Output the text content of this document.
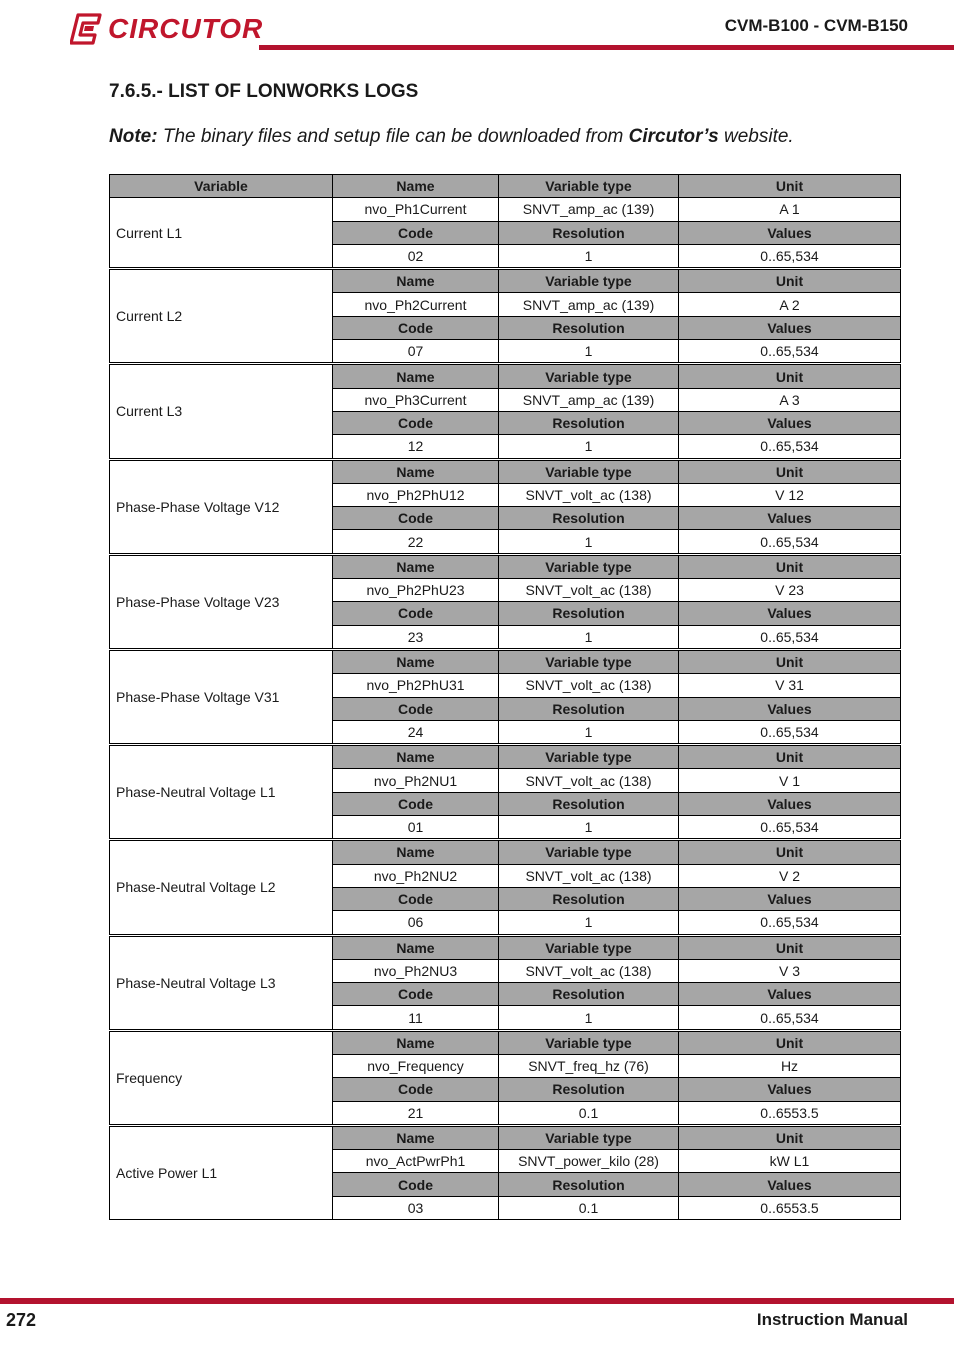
CIRCUTOR	CVM-B100 - CVM-B150
7.6.5.- LIST OF LONWORKS LOGS
Note: The binary files and setup file can be downloaded from Circutor’s website.
Variable	Name	Variable type	Unit
Current L1	nvo_Ph1Current	SNVT_amp_ac (139)	A 1
	Code	Resolution	Values
	02	1	0..65,534
Current L2	Name	Variable type	Unit
	nvo_Ph2Current	SNVT_amp_ac (139)	A 2
	Code	Resolution	Values
	07	1	0..65,534
Current L3	Name	Variable type	Unit
	nvo_Ph3Current	SNVT_amp_ac (139)	A 3
	Code	Resolution	Values
	12	1	0..65,534
Phase-Phase Voltage V12	Name	Variable type	Unit
	nvo_Ph2PhU12	SNVT_volt_ac (138)	V 12
	Code	Resolution	Values
	22	1	0..65,534
Phase-Phase Voltage V23	Name	Variable type	Unit
	nvo_Ph2PhU23	SNVT_volt_ac (138)	V 23
	Code	Resolution	Values
	23	1	0..65,534
Phase-Phase Voltage V31	Name	Variable type	Unit
	nvo_Ph2PhU31	SNVT_volt_ac (138)	V 31
	Code	Resolution	Values
	24	1	0..65,534
Phase-Neutral Voltage L1	Name	Variable type	Unit
	nvo_Ph2NU1	SNVT_volt_ac (138)	V 1
	Code	Resolution	Values
	01	1	0..65,534
Phase-Neutral Voltage L2	Name	Variable type	Unit
	nvo_Ph2NU2	SNVT_volt_ac (138)	V 2
	Code	Resolution	Values
	06	1	0..65,534
Phase-Neutral Voltage L3	Name	Variable type	Unit
	nvo_Ph2NU3	SNVT_volt_ac (138)	V 3
	Code	Resolution	Values
	11	1	0..65,534
Frequency	Name	Variable type	Unit
	nvo_Frequency	SNVT_freq_hz (76)	Hz
	Code	Resolution	Values
	21	0.1	0..6553.5
Active Power L1	Name	Variable type	Unit
	nvo_ActPwrPh1	SNVT_power_kilo (28)	kW L1
	Code	Resolution	Values
	03	0.1	0..6553.5
272	Instruction Manual
